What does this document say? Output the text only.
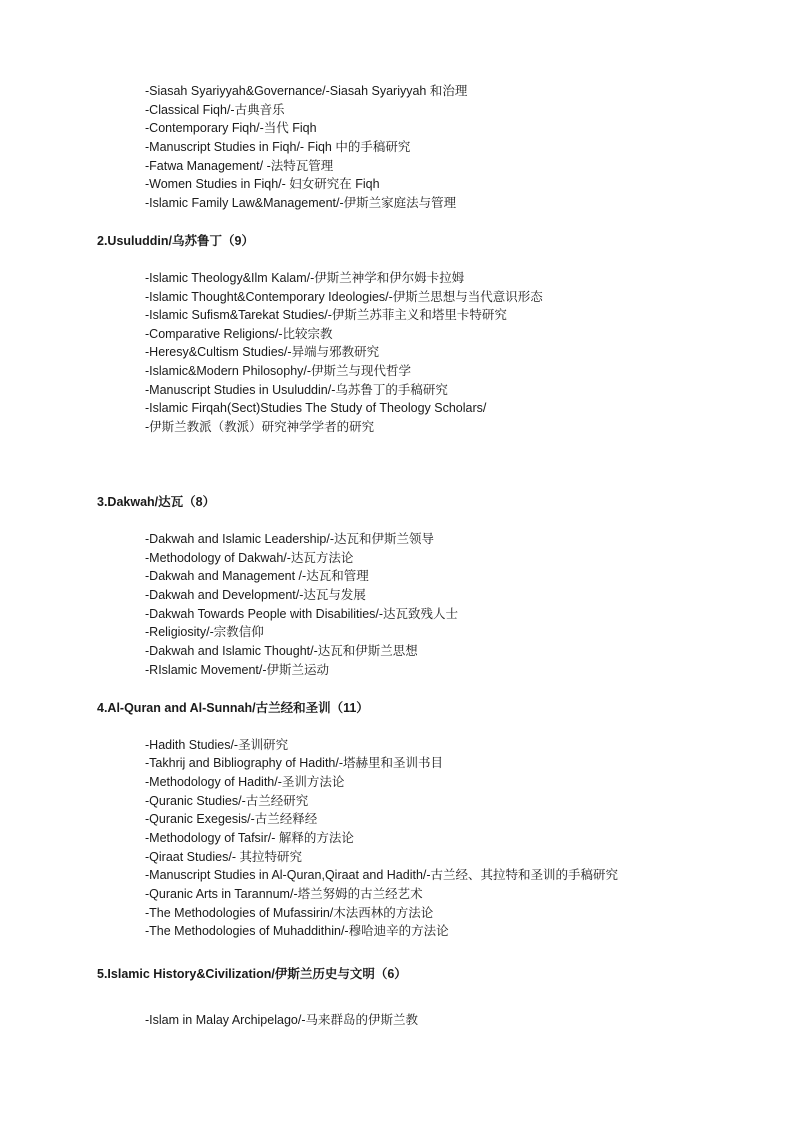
-Siasah Syariyyah&Governance/-Siasah Syariyyah 和治理
-Classical Fiqh/-古典音乐
-Contemporary Fiqh/-当代 Fiqh
-Manuscript Studies in Fiqh/- Fiqh 中的手稿研究
-Fatwa Management/ -法特瓦管理
-Women Studies in Fiqh/- 妇女研究在 Fiqh
-Islamic Family Law&Management/-伊斯兰家庭法与管理
2.Usuluddin/乌苏鲁丁（9）
-Islamic Theology&Ilm Kalam/-伊斯兰神学和伊尔姆卡拉姆
-Islamic Thought&Contemporary Ideologies/-伊斯兰思想与当代意识形态
-Islamic Sufism&Tarekat Studies/-伊斯兰苏菲主义和塔里卡特研究
-Comparative Religions/-比较宗教
-Heresy&Cultism Studies/-异端与邪教研究
-Islamic&Modern Philosophy/-伊斯兰与现代哲学
-Manuscript Studies in Usuluddin/-乌苏鲁丁的手稿研究
-Islamic Firqah(Sect)Studies The Study of Theology Scholars/
-伊斯兰教派（教派）研究神学学者的研究
3.Dakwah/达瓦（8）
-Dakwah and Islamic Leadership/-达瓦和伊斯兰领导
-Methodology of Dakwah/-达瓦方法论
-Dakwah and Management /-达瓦和管理
-Dakwah and Development/-达瓦与发展
-Dakwah Towards People with Disabilities/-达瓦致残人士
-Religiosity/-宗教信仰
-Dakwah and Islamic Thought/-达瓦和伊斯兰思想
-RIslamic Movement/-伊斯兰运动
4.Al-Quran and Al-Sunnah/古兰经和圣训（11）
-Hadith Studies/-圣训研究
-Takhrij and Bibliography of Hadith/-塔赫里和圣训书目
-Methodology of Hadith/-圣训方法论
-Quranic Studies/-古兰经研究
-Quranic Exegesis/-古兰经释经
-Methodology of Tafsir/- 解释的方法论
-Qiraat Studies/- 其拉特研究
-Manuscript Studies in Al-Quran,Qiraat and Hadith/-古兰经、其拉特和圣训的手稿研究
-Quranic Arts in Tarannum/-塔兰努姆的古兰经艺术
-The Methodologies of Mufassirin/木法西林的方法论
-The Methodologies of Muhaddithin/-穆哈迪辛的方法论
5.Islamic History&Civilization/伊斯兰历史与文明（6）
-Islam in Malay Archipelago/-马来群岛的伊斯兰教
